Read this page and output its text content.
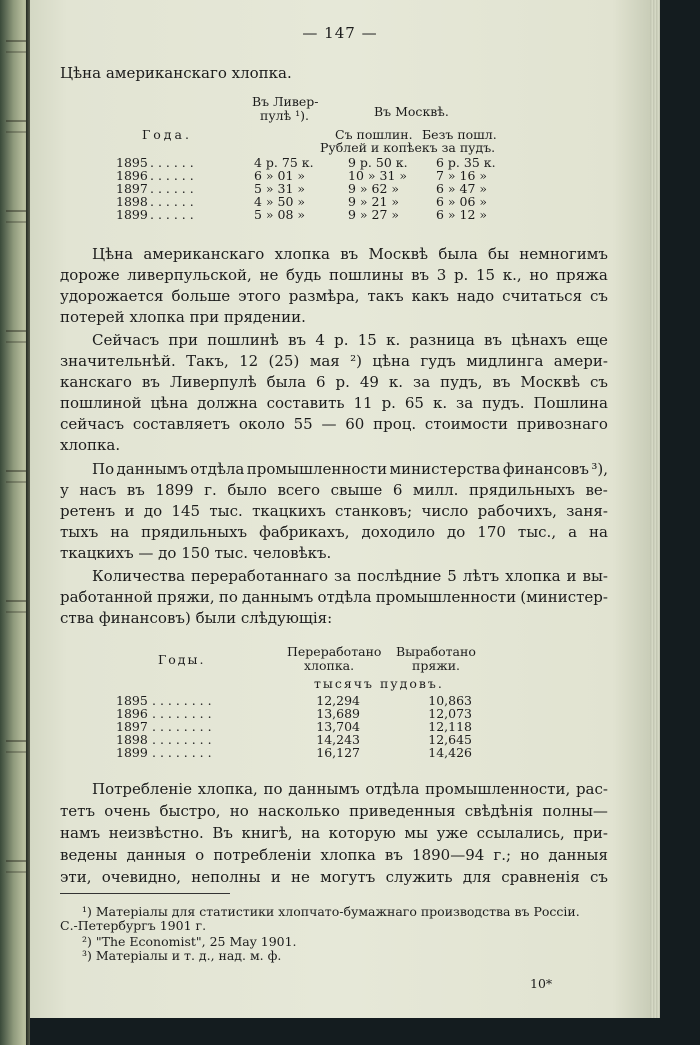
— 147 —
Цѣна американскаго хлопка.
Въ Ливер-
пулѣ ¹).	Въ Москвѣ.
Года.	Съ пошлин. Безъ пошл.
Рублей и копѣекъ за пудъ.
1895	. . . . . .	4 р. 75 к.	9 р. 50 к.	6 р. 35 к.
1896	. . . . . .	6 » 01 »	10 » 31 »	7 » 16 »
1897	. . . . . .	5 » 31 »	9 » 62 »	6 » 47 »
1898	. . . . . .	4 » 50 »	9 » 21 »	6 » 06 »
1899	. . . . . .	5 » 08 »	9 » 27 »	6 » 12 »
Цѣна американскаго хлопка въ Москвѣ была бы немногимъ
дороже ливерпульской, не будь пошлины въ 3 р. 15 к., но пряжа
удорожается больше этого размѣра, такъ какъ надо считаться съ
потерей хлопка при прядении.
Сейчасъ при пошлинѣ въ 4 р. 15 к. разница въ цѣнахъ еще
значительнѣй. Такъ, 12 (25) мая ²) цѣна гудъ мидлинга амери-
канскаго въ Ливерпулѣ была 6 р. 49 к. за пудъ, въ Москвѣ съ
пошлиной цѣна должна составить 11 р. 65 к. за пудъ. Пошлина
сейчасъ составляетъ около 55 — 60 проц. стоимости привознаго
хлопка.
По даннымъ отдѣла промышленности министерства финансовъ ³),
у насъ въ 1899 г. было всего свыше 6 милл. прядильныхъ ве-
ретенъ и до 145 тыс. ткацкихъ станковъ; число рабочихъ, заня-
тыхъ на прядильныхъ фабрикахъ, доходило до 170 тыс., а на
ткацкихъ — до 150 тыс. человѣкъ.
Количества переработаннаго за послѣдние 5 лѣтъ хлопка и вы-
работанной пряжи, по даннымъ отдѣла промышленности (министер-
ства финансовъ) были слѣдующiя:
Годы.
Переработано
хлопка.
Выработано
пряжи.
тысячъ пудовъ.
1895	. . . . . . . .	12,294	10,863
1896	. . . . . . . .	13,689	12,073
1897	. . . . . . . .	13,704	12,118
1898	. . . . . . . .	14,243	12,645
1899	. . . . . . . .	16,127	14,426
Потребленiе хлопка, по даннымъ отдѣла промышленности, рас-
тетъ очень быстро, но насколько приведенныя свѣдѣнiя полны—
намъ неизвѣстно. Въ книгѣ, на которую мы уже ссылались, при-
ведены данныя о потребленiи хлопка въ 1890—94 г.; но данныя
эти, очевидно, неполны и не могутъ служить для сравненiя съ
¹) Матерiалы для статистики хлопчато-бумажнаго производства въ Россiи.
С.-Петербургъ 1901 г.
²) "The Economist", 25 May 1901.
³) Матерiалы и т. д., над. м. ф.
10*
